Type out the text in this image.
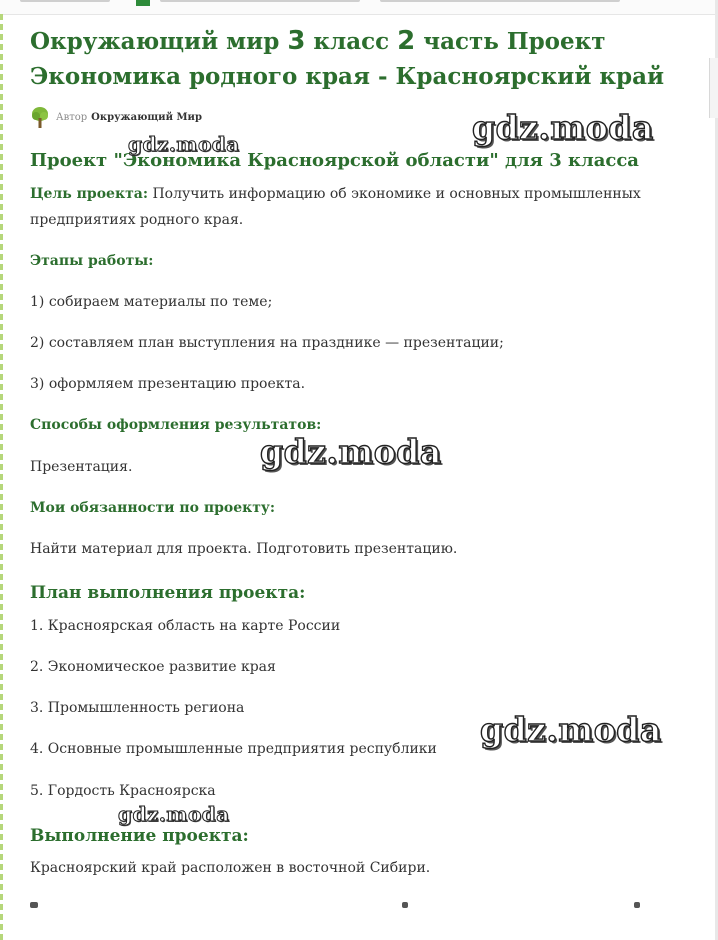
Окружающий мир 3 класс 2 часть Проект
Экономика родного края - Красноярский край
Автор Окружающий Мир
Проект "Экономика Красноярской области" для 3 класса

Цель проекта: Получить информацию об экономике и основных промышленных предприятиях родного края.

Этапы работы:

1) собираем материалы по теме;

2) составляем план выступления на празднике — презентации;

3) оформляем презентацию проекта.

Способы оформления результатов:

Презентация.

Мои обязанности по проекту:

Найти материал для проекта. Подготовить презентацию.

План выполнения проекта:

1. Красноярская область на карте России

2. Экономическое развитие края

3. Промышленность региона

4. Основные промышленные предприятия республики

5. Гордость Красноярска

Выполнение проекта:

Красноярский край расположен в восточной Сибири.

gdz.moda	gdz.moda
gdz.moda
gdz.moda
gdz.moda
